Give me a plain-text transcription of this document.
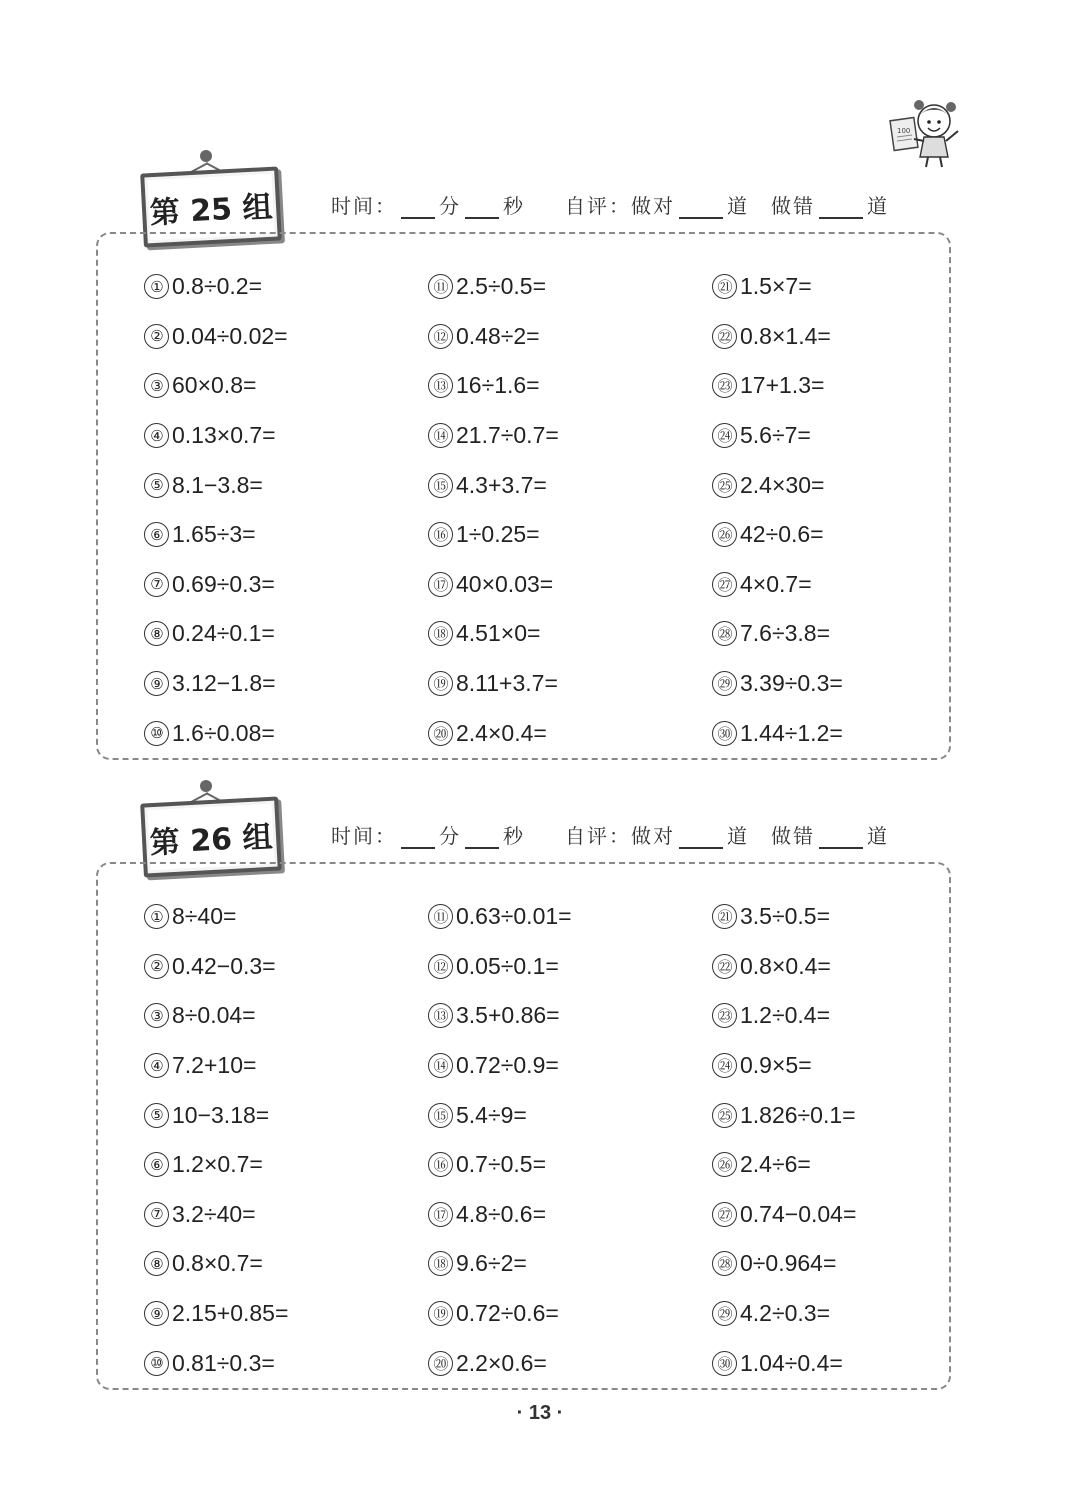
100
第 25 组	时间： 分 秒 自评：做对	道 做错	道
① 0.8÷0.2=
② 0.04÷0.02=
③ 60×0.8=
④ 0.13×0.7=
⑤ 8.1−3.8=
⑥ 1.65÷3=
⑦ 0.69÷0.3=
⑧ 0.24÷0.1=
⑨ 3.12−1.8=
⑩ 1.6÷0.08=
⑪ 2.5÷0.5=
⑫ 0.48÷2=
⑬ 16÷1.6=
⑭ 21.7÷0.7=
⑮ 4.3+3.7=
⑯ 1÷0.25=
⑰ 40×0.03=
⑱ 4.51×0=
⑲ 8.11+3.7=
⑳ 2.4×0.4=
㉑ 1.5×7=
㉒ 0.8×1.4=
㉓ 17+1.3=
㉔ 5.6÷7=
㉕ 2.4×30=
㉖ 42÷0.6=
㉗ 4×0.7=
㉘ 7.6÷3.8=
㉙ 3.39÷0.3=
㉚ 1.44÷1.2=
第 26 组	时间： 分 秒 自评：做对	道 做错	道
① 8÷40=
② 0.42−0.3=
③ 8÷0.04=
④ 7.2+10=
⑤ 10−3.18=
⑥ 1.2×0.7=
⑦ 3.2÷40=
⑧ 0.8×0.7=
⑨ 2.15+0.85=
⑩ 0.81÷0.3=
⑪ 0.63÷0.01=
⑫ 0.05÷0.1=
⑬ 3.5+0.86=
⑭ 0.72÷0.9=
⑮ 5.4÷9=
⑯ 0.7÷0.5=
⑰ 4.8÷0.6=
⑱ 9.6÷2=
⑲ 0.72÷0.6=
⑳ 2.2×0.6=
㉑ 3.5÷0.5=
㉒ 0.8×0.4=
㉓ 1.2÷0.4=
㉔ 0.9×5=
㉕ 1.826÷0.1=
㉖ 2.4÷6=
㉗ 0.74−0.04=
㉘ 0÷0.964=
㉙ 4.2÷0.3=
㉚ 1.04÷0.4=
· 13 ·
